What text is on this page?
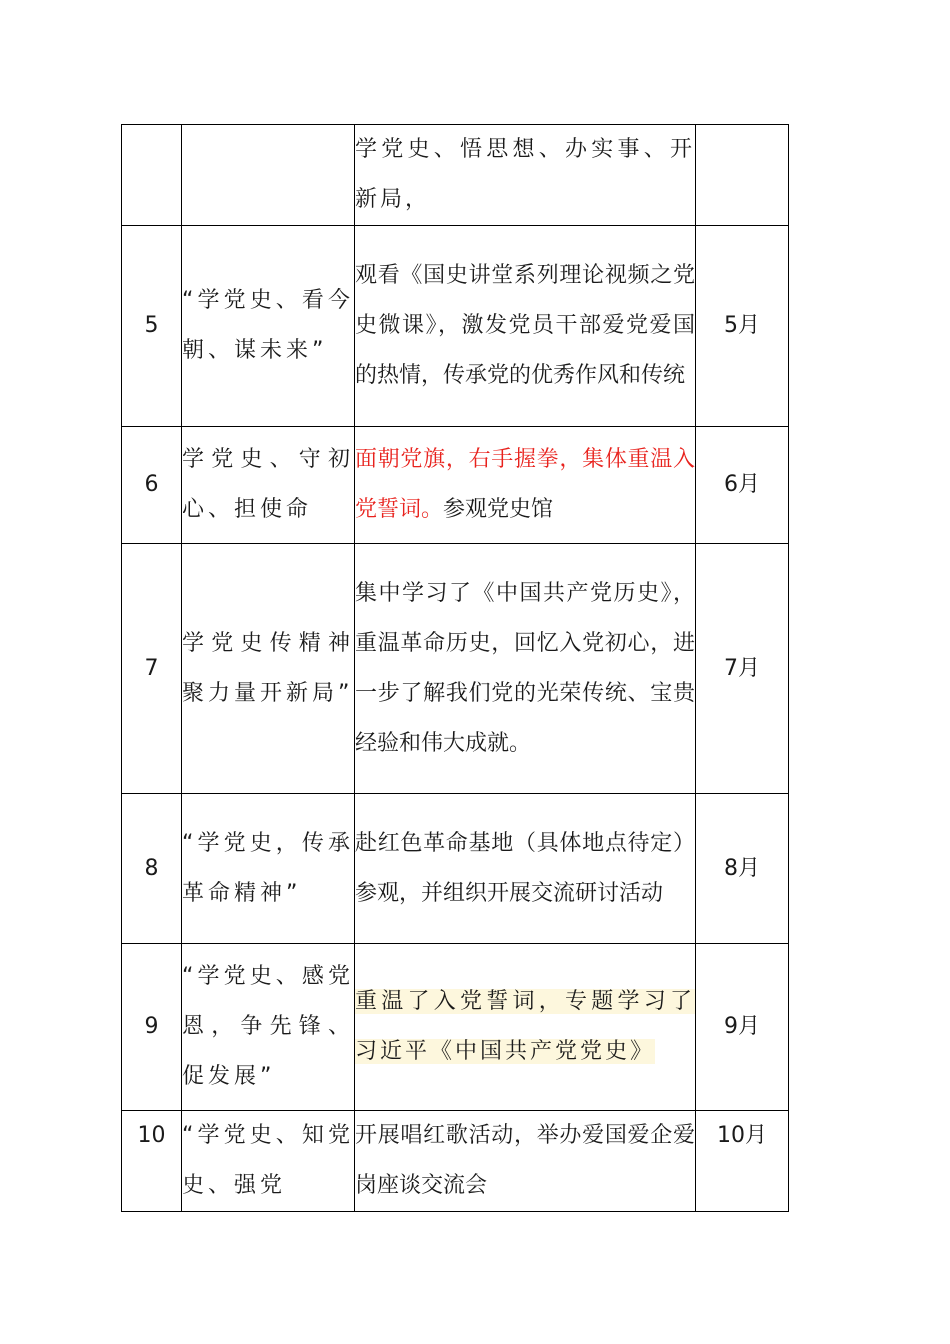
		学党史、悟思想、办实事、开新局，	
5	“学党史、看今朝、谋未来”	观看《国史讲堂系列理论视频之党史微课》，激发党员干部爱党爱国的热情，传承党的优秀作风和传统	5月
6	学党史、守初心、担使命	面朝党旗，右手握拳，集体重温入党誓词。参观党史馆	6月
7	学党史传精神聚力量开新局”	集中学习了《中国共产党历史》，重温革命历史，回忆入党初心，进一步了解我们党的光荣传统、宝贵经验和伟大成就。	7月
8	“学党史，传承革命精神”	赴红色革命基地（具体地点待定）参观，并组织开展交流研讨活动	8月
9	“学党史、感党恩，争先锋、促发展”	重温了入党誓词，专题学习了习近平《中国共产党党史》	9月
10	“学党史、知党史、强党	开展唱红歌活动，举办爱国爱企爱岗座谈交流会	10月
